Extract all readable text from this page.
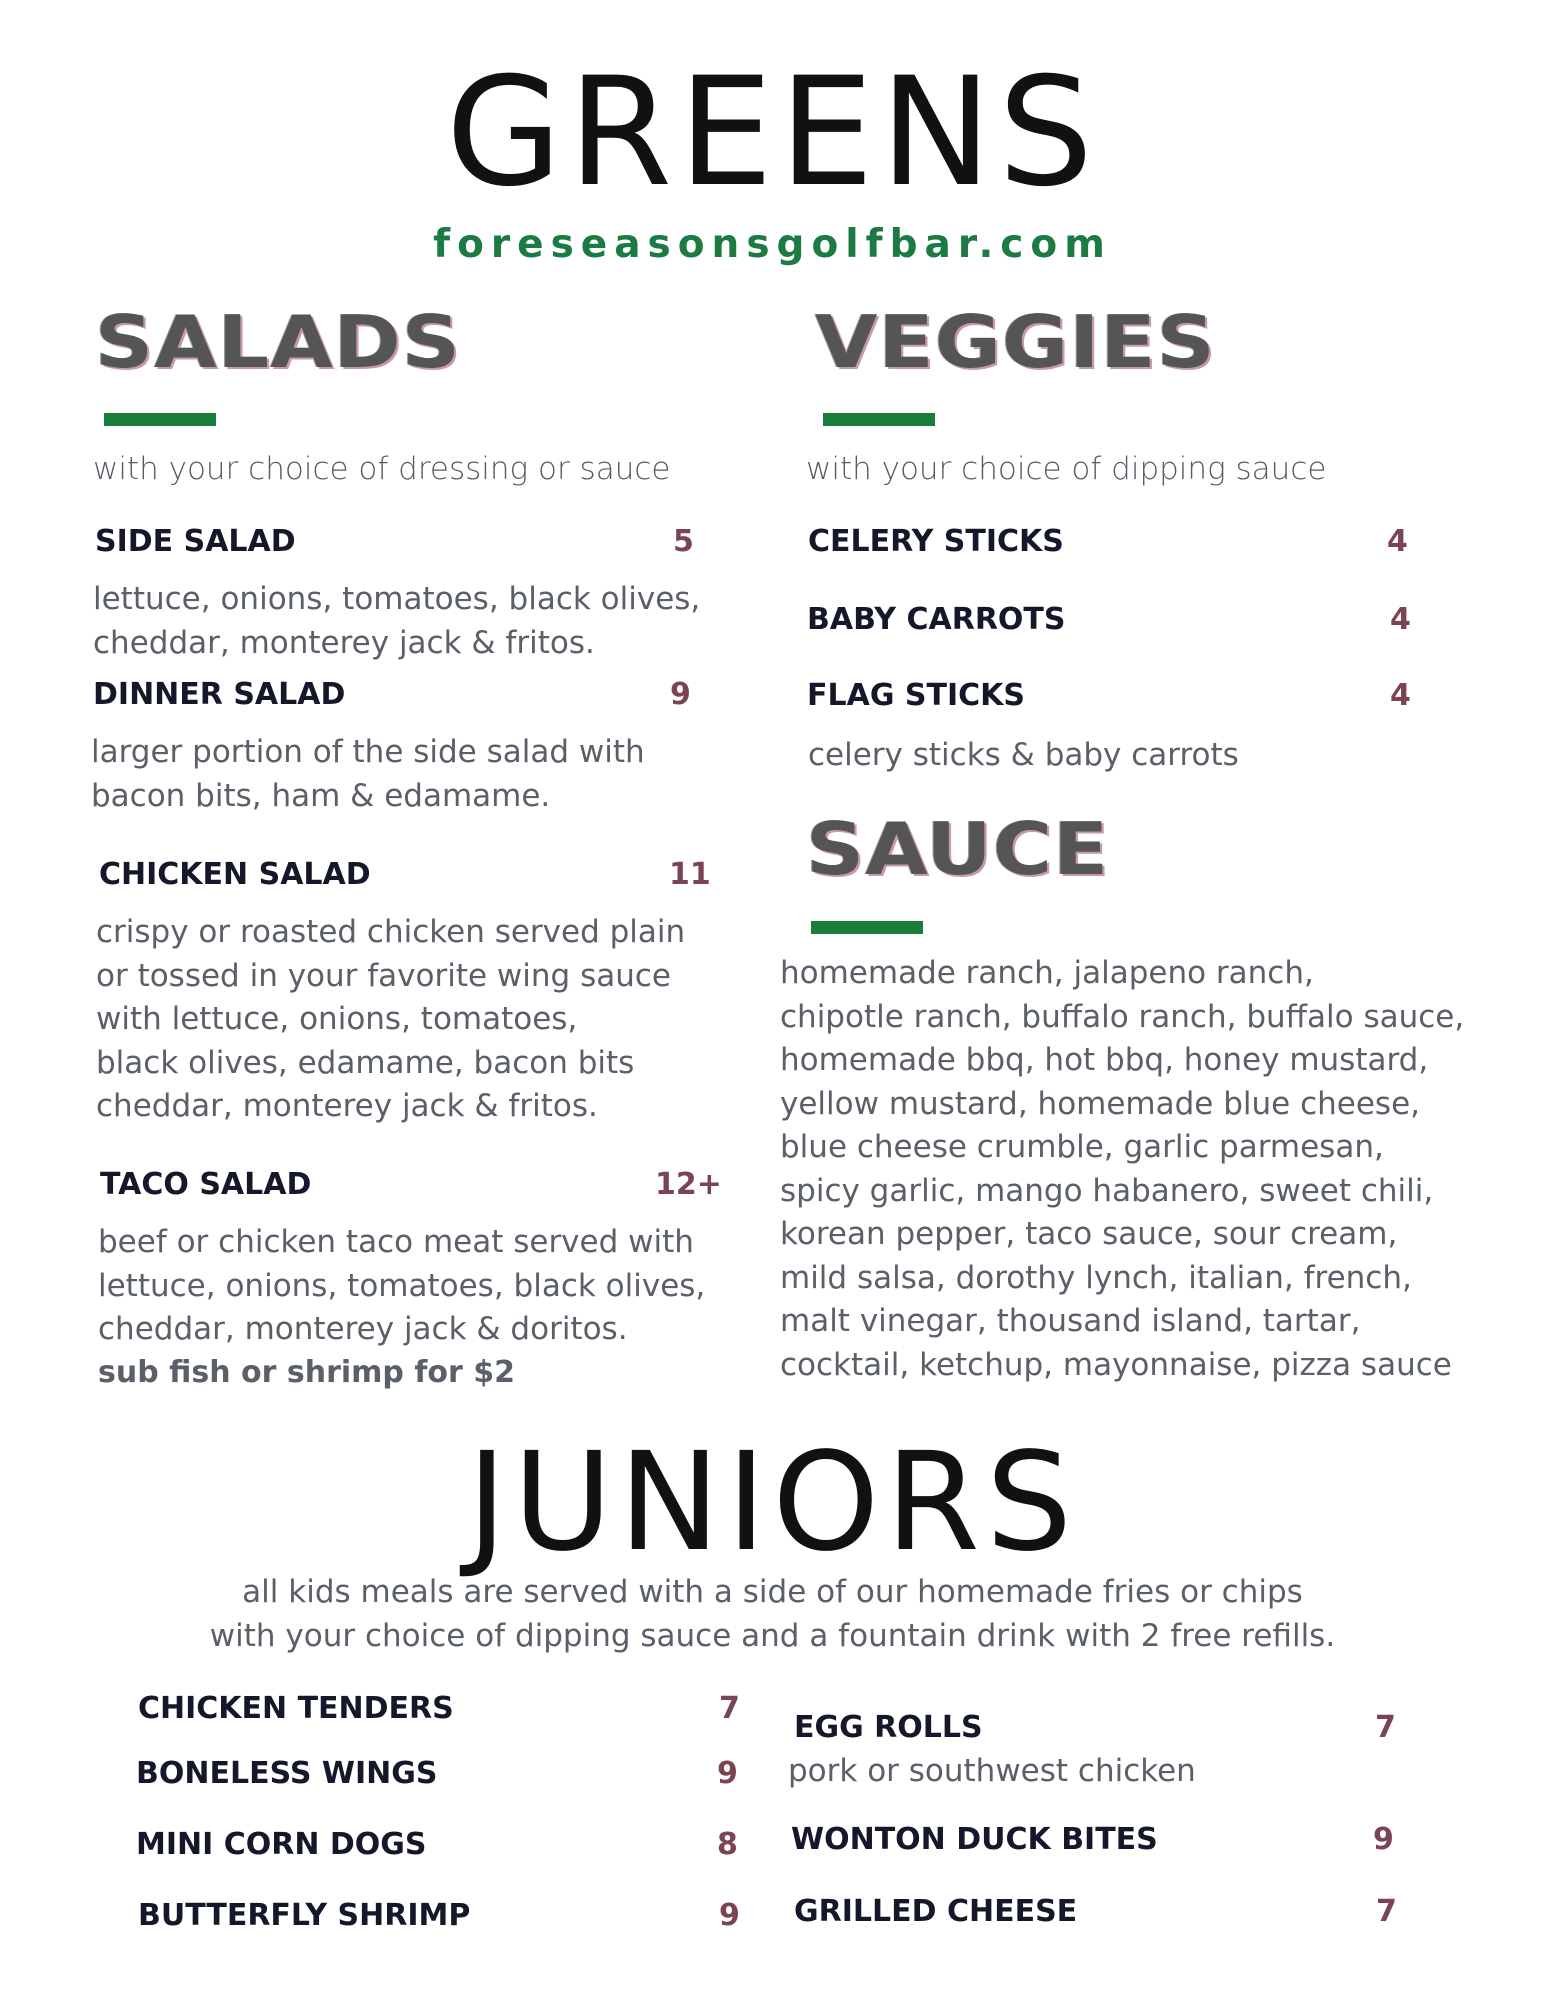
GREENS
foreseasonsgolfbar.com
SALADS
with your choice of dressing or sauce
SIDE SALAD	5
lettuce, onions, tomatoes, black olives,
cheddar, monterey jack & fritos.
DINNER SALAD	9
larger portion of the side salad with
bacon bits, ham & edamame.
CHICKEN SALAD	11
crispy or roasted chicken served plain
or tossed in your favorite wing sauce
with lettuce, onions, tomatoes,
black olives, edamame, bacon bits
cheddar, monterey jack & fritos.
TACO SALAD	12+
beef or chicken taco meat served with
lettuce, onions, tomatoes, black olives,
cheddar, monterey jack & doritos.
sub fish or shrimp for $2
VEGGIES
with your choice of dipping sauce
CELERY STICKS	4
BABY CARROTS	4
FLAG STICKS	4
celery sticks & baby carrots
SAUCE
homemade ranch, jalapeno ranch,
chipotle ranch, buffalo ranch, buffalo sauce,
homemade bbq, hot bbq, honey mustard,
yellow mustard, homemade blue cheese,
blue cheese crumble, garlic parmesan,
spicy garlic, mango habanero, sweet chili,
korean pepper, taco sauce, sour cream,
mild salsa, dorothy lynch, italian, french,
malt vinegar, thousand island, tartar,
cocktail, ketchup, mayonnaise, pizza sauce
JUNIORS
all kids meals are served with a side of our homemade fries or chips
with your choice of dipping sauce and a fountain drink with 2 free refills.
CHICKEN TENDERS	7
BONELESS WINGS	9
MINI CORN DOGS	8
BUTTERFLY SHRIMP	9
EGG ROLLS	7
pork or southwest chicken
WONTON DUCK BITES	9
GRILLED CHEESE	7
